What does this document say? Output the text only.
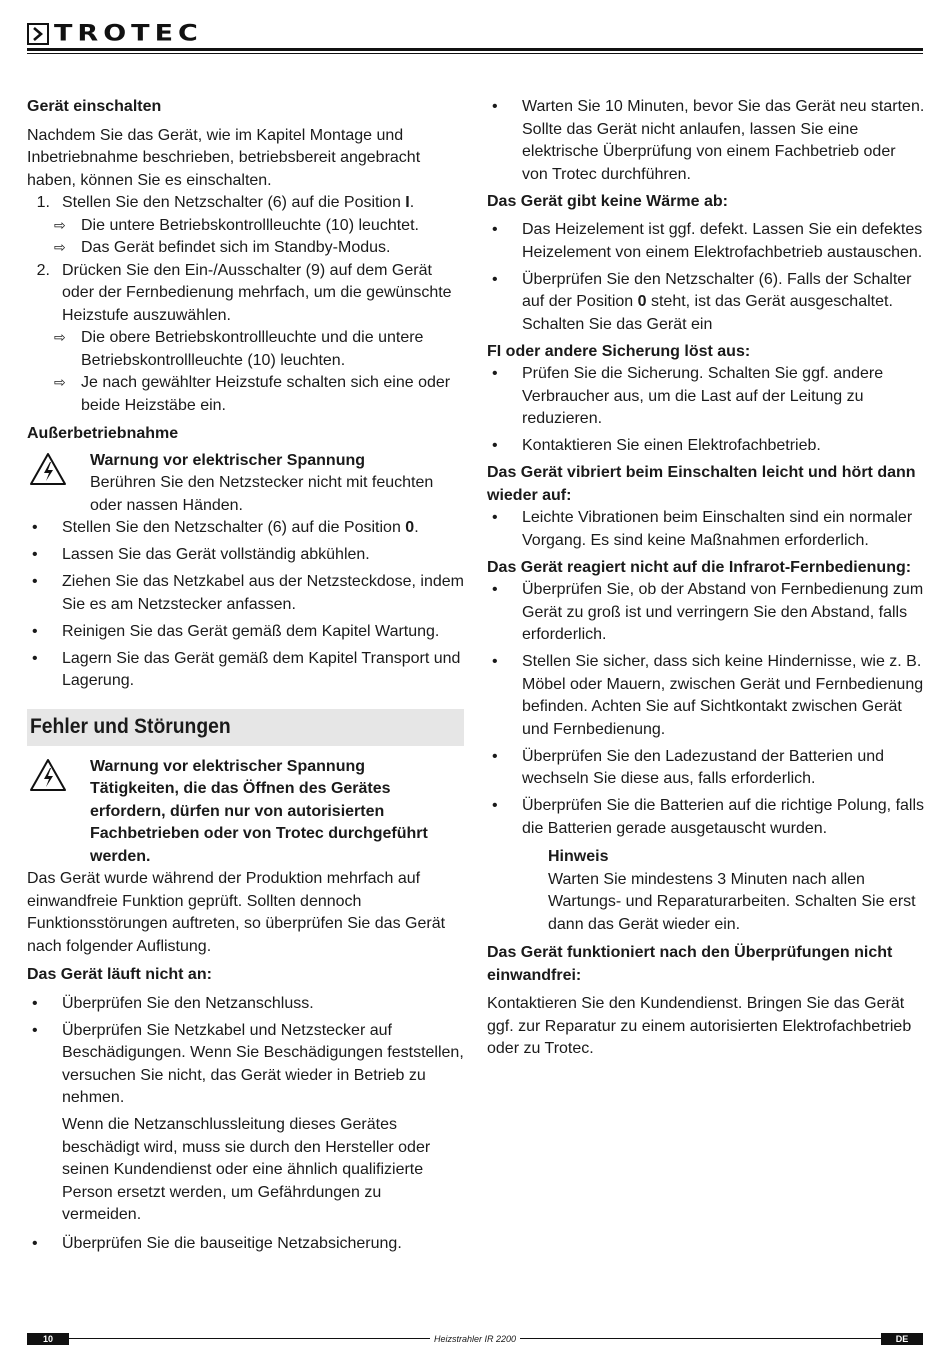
TROTEC

Gerät einschalten

Nachdem Sie das Gerät, wie im Kapitel Montage und Inbetriebnahme beschrieben, betriebsbereit angebracht haben, können Sie es einschalten.

1. Stellen Sie den Netzschalter (6) auf die Position I.
⇨ Die untere Betriebskontrollleuchte (10) leuchtet.
⇨ Das Gerät befindet sich im Standby-Modus.
2. Drücken Sie den Ein-/Ausschalter (9) auf dem Gerät oder der Fernbedienung mehrfach, um die gewünschte Heizstufe auszuwählen.
⇨ Die obere Betriebskontrollleuchte und die untere Betriebskontrollleuchte (10) leuchten.
⇨ Je nach gewählter Heizstufe schalten sich eine oder beide Heizstäbe ein.

Außerbetriebnahme

Warnung vor elektrischer Spannung

Berühren Sie den Netzstecker nicht mit feuchten oder nassen Händen.

•	Stellen Sie den Netzschalter (6) auf die Position 0.
•	Lassen Sie das Gerät vollständig abkühlen.
•	Ziehen Sie das Netzkabel aus der Netzsteckdose, indem Sie es am Netzstecker anfassen.
•	Reinigen Sie das Gerät gemäß dem Kapitel Wartung.
•	Lagern Sie das Gerät gemäß dem Kapitel Transport und Lagerung.
Fehler und Störungen

Warnung vor elektrischer Spannung

Tätigkeiten, die das Öffnen des Gerätes erfordern, dürfen nur von autorisierten Fachbetrieben oder von Trotec durchgeführt werden.

Das Gerät wurde während der Produktion mehrfach auf einwandfreie Funktion geprüft. Sollten dennoch Funktionsstörungen auftreten, so überprüfen Sie das Gerät nach folgender Auflistung.

Das Gerät läuft nicht an:

•	Überprüfen Sie den Netzanschluss.
•	Überprüfen Sie Netzkabel und Netzstecker auf Beschädigungen. Wenn Sie Beschädigungen feststellen, versuchen Sie nicht, das Gerät wieder in Betrieb zu nehmen.

Wenn die Netzanschlussleitung dieses Gerätes beschädigt wird, muss sie durch den Hersteller oder seinen Kundendienst oder eine ähnlich qualifizierte Person ersetzt werden, um Gefährdungen zu vermeiden.

•	Überprüfen Sie die bauseitige Netzabsicherung.
•	Warten Sie 10 Minuten, bevor Sie das Gerät neu starten. Sollte das Gerät nicht anlaufen, lassen Sie eine elektrische Überprüfung von einem Fachbetrieb oder von Trotec durchführen.

Das Gerät gibt keine Wärme ab:

•	Das Heizelement ist ggf. defekt. Lassen Sie ein defektes Heizelement von einem Elektrofachbetrieb austauschen.
•	Überprüfen Sie den Netzschalter (6). Falls der Schalter auf der Position 0 steht, ist das Gerät ausgeschaltet. Schalten Sie das Gerät ein

FI oder andere Sicherung löst aus:

•	Prüfen Sie die Sicherung. Schalten Sie ggf. andere Verbraucher aus, um die Last auf der Leitung zu reduzieren.
•	Kontaktieren Sie einen Elektrofachbetrieb.

Das Gerät vibriert beim Einschalten leicht und hört dann wieder auf:

•	Leichte Vibrationen beim Einschalten sind ein normaler Vorgang. Es sind keine Maßnahmen erforderlich.

Das Gerät reagiert nicht auf die Infrarot-Fernbedienung:

•	Überprüfen Sie, ob der Abstand von Fernbedienung zum Gerät zu groß ist und verringern Sie den Abstand, falls erforderlich.
•	Stellen Sie sicher, dass sich keine Hindernisse, wie z. B. Möbel oder Mauern, zwischen Gerät und Fernbedienung befinden. Achten Sie auf Sichtkontakt zwischen Gerät und Fernbedienung.
•	Überprüfen Sie den Ladezustand der Batterien und wechseln Sie diese aus, falls erforderlich.
•	Überprüfen Sie die Batterien auf die richtige Polung, falls die Batterien gerade ausgetauscht wurden.

Hinweis

Warten Sie mindestens 3 Minuten nach allen Wartungs- und Reparaturarbeiten. Schalten Sie erst dann das Gerät wieder ein.

Das Gerät funktioniert nach den Überprüfungen nicht einwandfrei:

Kontaktieren Sie den Kundendienst. Bringen Sie das Gerät ggf. zur Reparatur zu einem autorisierten Elektrofachbetrieb oder zu Trotec.

10	Heizstrahler IR 2200	DE
